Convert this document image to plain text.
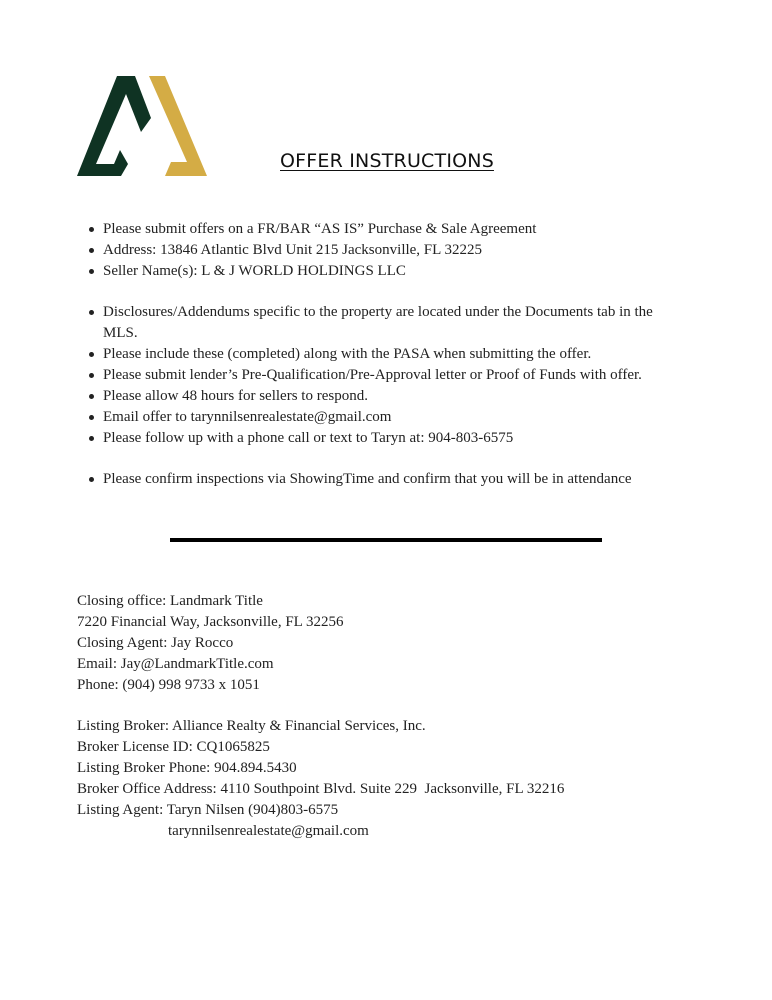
OFFER INSTRUCTIONS
Please submit offers on a FR/BAR “AS IS” Purchase & Sale Agreement
Address: 13846 Atlantic Blvd Unit 215 Jacksonville, FL 32225
Seller Name(s): L & J WORLD HOLDINGS LLC
Disclosures/Addendums specific to the property are located under the Documents tab in the MLS.
Please include these (completed) along with the PASA when submitting the offer.
Please submit lender’s Pre-Qualification/Pre-Approval letter or Proof of Funds with offer.
Please allow 48 hours for sellers to respond.
Email offer to tarynnilsenrealestate@gmail.com
Please follow up with a phone call or text to Taryn at: 904-803-6575
Please confirm inspections via ShowingTime and confirm that you will be in attendance
Closing office: Landmark Title
7220 Financial Way, Jacksonville, FL 32256
Closing Agent: Jay Rocco
Email: Jay@LandmarkTitle.com
Phone: (904) 998 9733 x 1051
Listing Broker: Alliance Realty & Financial Services, Inc.
Broker License ID: CQ1065825
Listing Broker Phone: 904.894.5430
Broker Office Address: 4110 Southpoint Blvd. Suite 229  Jacksonville, FL 32216
Listing Agent: Taryn Nilsen (904)803-6575
tarynnilsenrealestate@gmail.com
